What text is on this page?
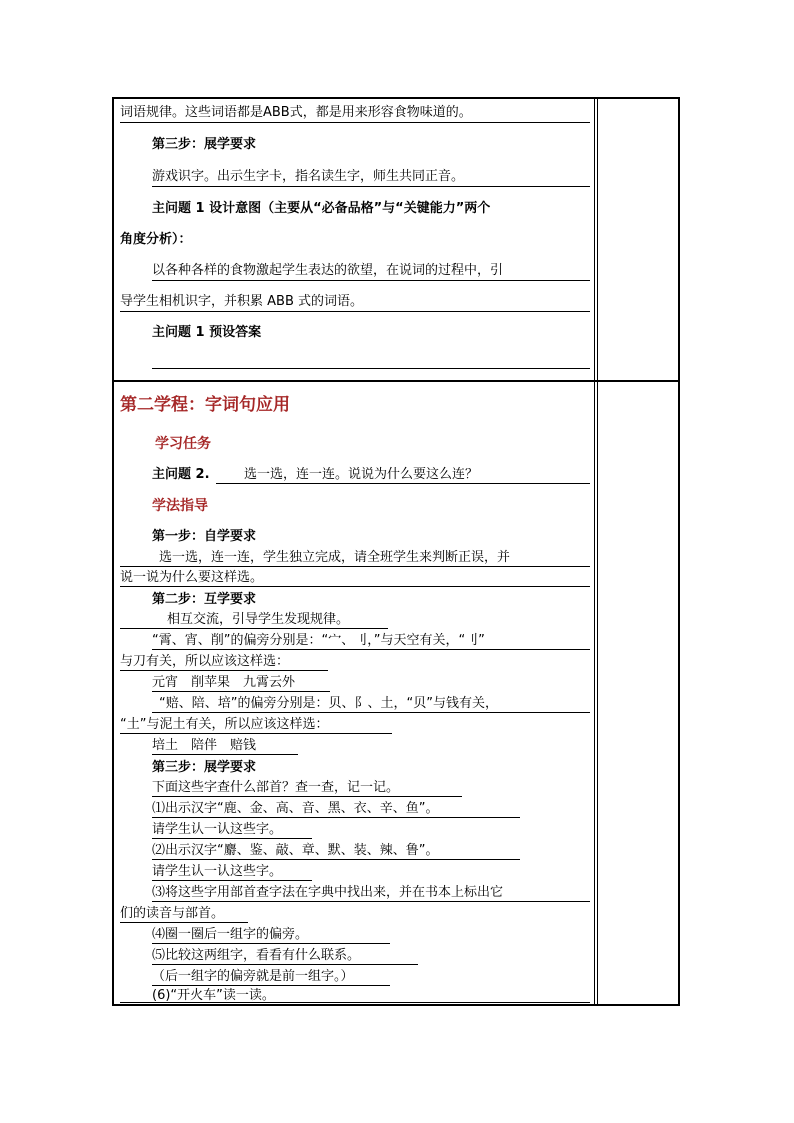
词语规律。这些词语都是ABB式，都是用来形容食物味道的。
第三步：展学要求
游戏识字。出示生字卡，指名读生字，师生共同正音。
主问题 1 设计意图（主要从“必备品格”与“关键能力”两个
角度分析）：
以各种各样的食物激起学生表达的欲望，在说词的过程中，引
导学生相机识字，并积累 ABB 式的词语。
主问题 1 预设答案
第二学程：字词句应用
学习任务
主问题 2.	选一选，连一连。说说为什么要这么连？
学法指导
第一步：自学要求
选一选，连一连，学生独立完成，请全班学生来判断正误，并
说一说为什么要这样选。
第二步：互学要求
相互交流，引导学生发现规律。
“霄、宵、削”的偏旁分别是：“宀、刂，”与天空有关，“刂”
与刀有关，所以应该这样选：
元宵　削苹果　九霄云外
“赔、陪、培”的偏旁分别是：贝、阝、土，“贝”与钱有关，
“土”与泥土有关，所以应该这样选：
培土　陪伴　赔钱
第三步：展学要求
下面这些字查什么部首？查一查，记一记。
⑴出示汉字“鹿、金、高、音、黑、衣、辛、鱼”。
请学生认一认这些字。
⑵出示汉字“麝、鉴、敲、章、默、装、辣、鲁”。
请学生认一认这些字。
⑶将这些字用部首查字法在字典中找出来，并在书本上标出它
们的读音与部首。
⑷圈一圈后一组字的偏旁。
⑸比较这两组字，看看有什么联系。
（后一组字的偏旁就是前一组字。）
(6)“开火车”读一读。
